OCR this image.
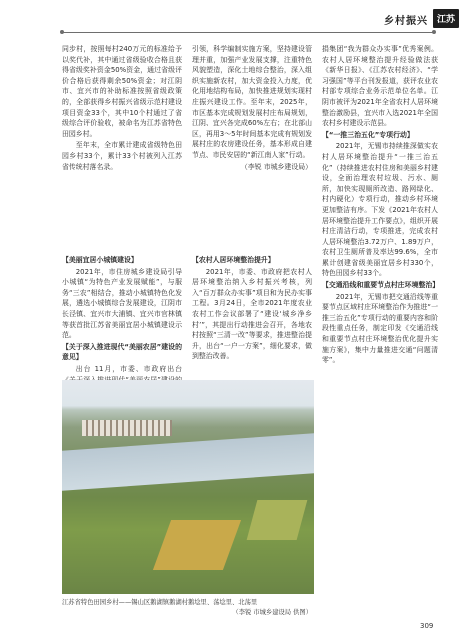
乡村振兴 江苏

同步村，按照每村240万元的标准给予以奖代补，其中通过省级验收合格且获得省级奖补资金50%资金，通过省级评价合格后获得剩余50%资金；对江阴市、宜兴市的补助标准按照省级政策的，全部获得乡村振兴省级示范村建设项目资金33个，其中10个村通过了省级综合评价验收，被命名为江苏省特色田园乡村。

至年末，全市累计建成省级特色田园乡村33个，累计33个村被列入江苏省传统村落名录。

引领，科学编制实施方案，坚持建设管理并重，加强产业发展支撑，注重特色风貌塑造，深化土地综合整治，深入组织实施新农村，加大资金投入力度，优化用地结构布局，加快推进规划实现村庄振兴建设工作。至年末，2025年，市区基本完成规划发展村庄布局规划，江阴、宜兴各完成60%左右；在北部山区，再用3～5年时间基本完成有规划发展村庄的农房建设任务，基本形成自建节点、市民安居的“新江南人家”行动。

（李锐 市城乡建设局）

【美丽宜居小城镇建设】

2021年，市住房城乡建设局引导小城镇“为特色产业发展赋能”，与服务“三农”相结合，推动小城镇特色化发展，遴选小城镇综合发展建设，江阴市长泾镇、宜兴市大浦镇、宜兴市官林镇等获首批江苏省美丽宜居小城镇建设示范。

【关于深入推进现代“美丽农居”建设的意见】

出台 11月，市委、市政府出台

【农村人居环境整治提升】

2021年，市委、市政府把农村人居环境整治纳入乡村振兴考核，列入“百万群众办实事”项目和为民办实事工程。3月24日，全市2021年度农业农村工作会议部署了“建设‘城乡净乡村’”，其提出行动推进会召开，各地农村按照“三清一改”等要求，推进整治提升，出台“一户一方案”，细化要求，做到整治改善。

捐集团“我为群众办实事”优秀案例。农村人居环境整治提升经验做法获《新华日报》、《江苏农村经济》、“学习强国”等平台刊发报道，获评农业农村部专项综合业务示范单位名单。江阴市被评为2021年全省农村人居环境整治激励县，宜兴市入选2021年全国农村乡村建设示范县。

【“一推三治五化”专项行动】

2021年，无锡市持续推深做实农村人居环境整治提升“一推三治五化”（持续推进农村住房和美丽乡村建设，全面治理农村垃圾、污水、厕所，加快实现厕所改造、路网绿化、村内硬化）专项行动，推动乡村环境更加整洁有序。下发《2021年农村人居环境整治提升工作要点》，组织开展村庄清洁行动，专项推进，完成农村人居环境整治3.72万户、1.89万户，农村卫生厕所普及率达99.6%，全市累计创建省级美丽宜居乡村330个，特色田园乡村33个。

【交通沿线和重要节点村庄环境整治】

2021年，无锡市把交通沿线等重要节点区域村庄环境整治作为推进“一推三治五化”专项行动的重要内容和阶段性重点任务，制定印发《交通沿线和重要节点村庄环境整治优化提升实施方案》，集中力量推进交通“问题清零”。

江苏省特色田园乡村——锡山区鹅湖镇鹅湖村鹅埝里、荡埝里、北荡里
（李锐 市城乡建设局 供图）
309
